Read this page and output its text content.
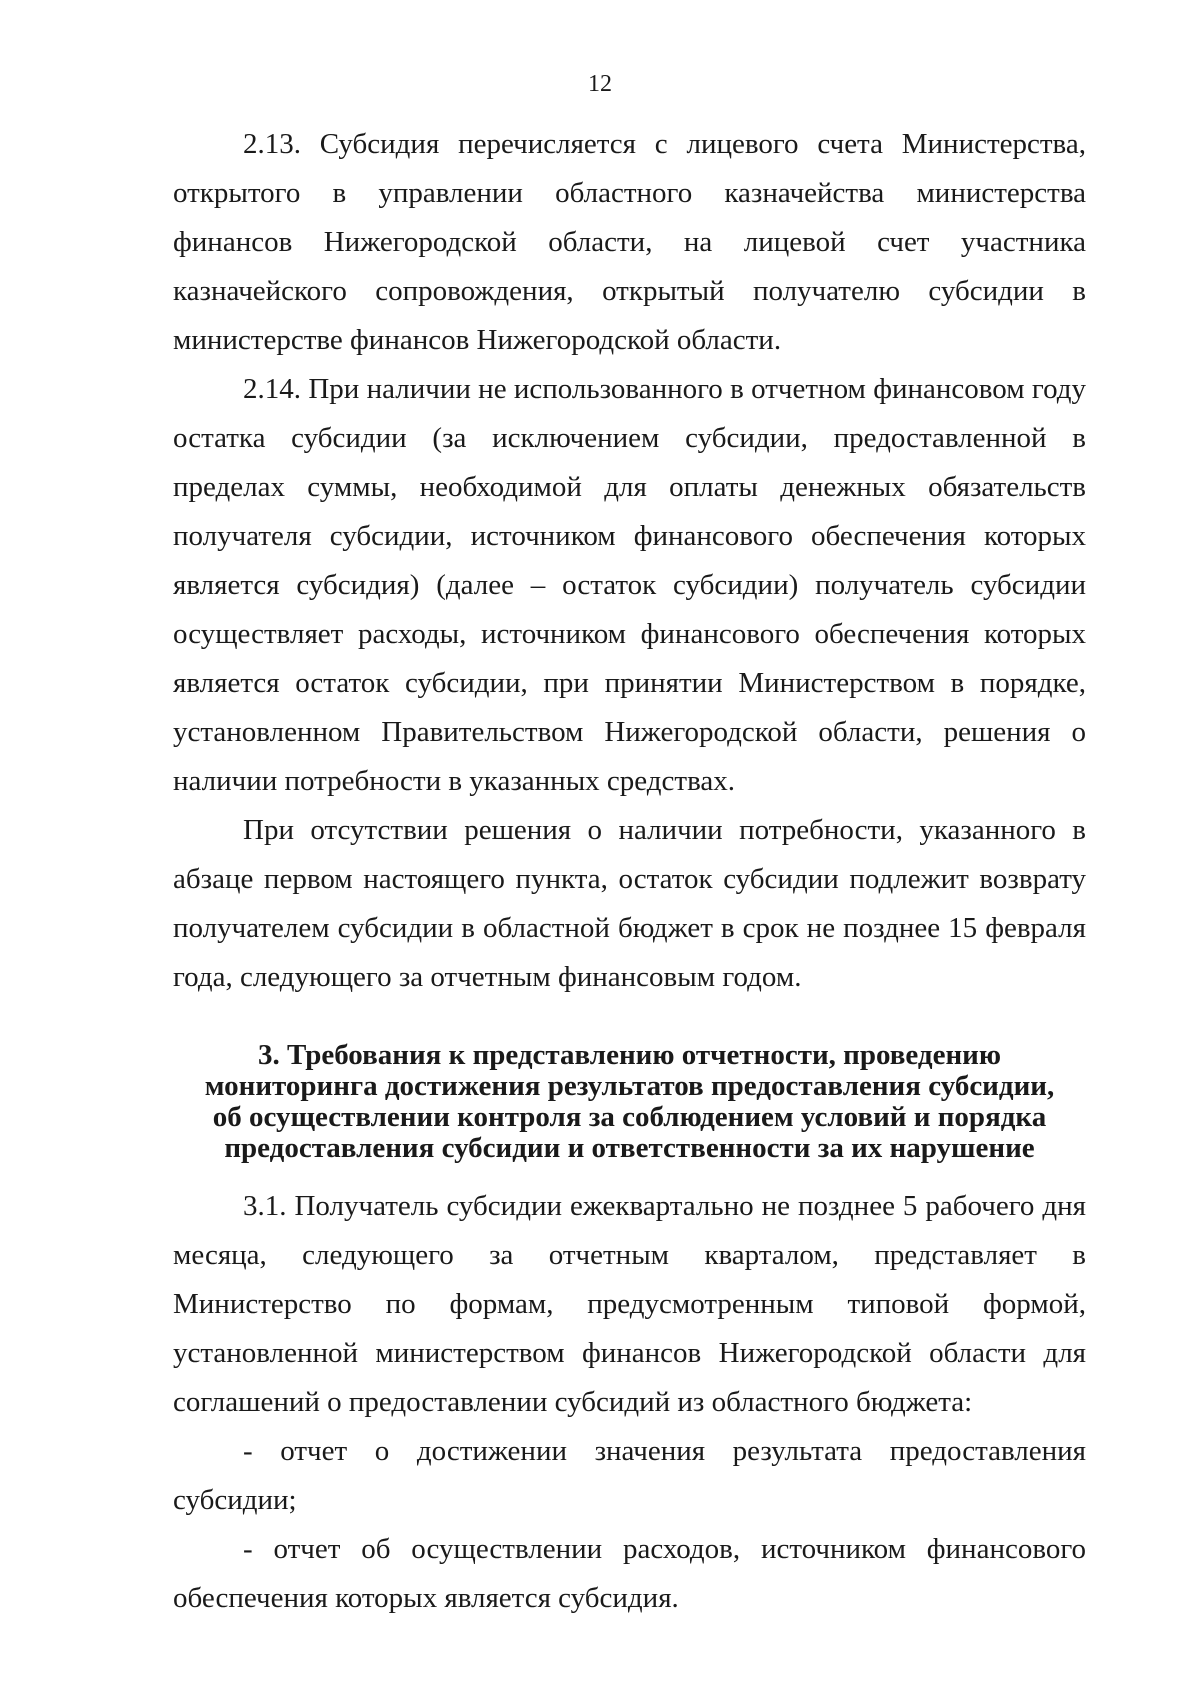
12

2.13. Субсидия перечисляется с лицевого счета Министерства, открытого в управлении областного казначейства министерства финансов Нижегородской области, на лицевой счет участника казначейского сопровождения, открытый получателю субсидии в министерстве финансов Нижегородской области.

2.14. При наличии не использованного в отчетном финансовом году остатка субсидии (за исключением субсидии, предоставленной в пределах суммы, необходимой для оплаты денежных обязательств получателя субсидии, источником финансового обеспечения которых является субсидия) (далее – остаток субсидии) получатель субсидии осуществляет расходы, источником финансового обеспечения которых является остаток субсидии, при принятии Министерством в порядке, установленном Правительством Нижегородской области, решения о наличии потребности в указанных средствах.

При отсутствии решения о наличии потребности, указанного в абзаце первом настоящего пункта, остаток субсидии подлежит возврату получателем субсидии в областной бюджет в срок не позднее 15 февраля года, следующего за отчетным финансовым годом.

3. Требования к представлению отчетности, проведению
мониторинга достижения результатов предоставления субсидии,
об осуществлении контроля за соблюдением условий и порядка
предоставления субсидии и ответственности за их нарушение

3.1. Получатель субсидии ежеквартально не позднее 5 рабочего дня месяца, следующего за отчетным кварталом, представляет в Министерство по формам, предусмотренным типовой формой, установленной министерством финансов Нижегородской области для соглашений о предоставлении субсидий из областного бюджета:

- отчет о достижении значения результата предоставления субсидии;

- отчет об осуществлении расходов, источником финансового обеспечения которых является субсидия.
